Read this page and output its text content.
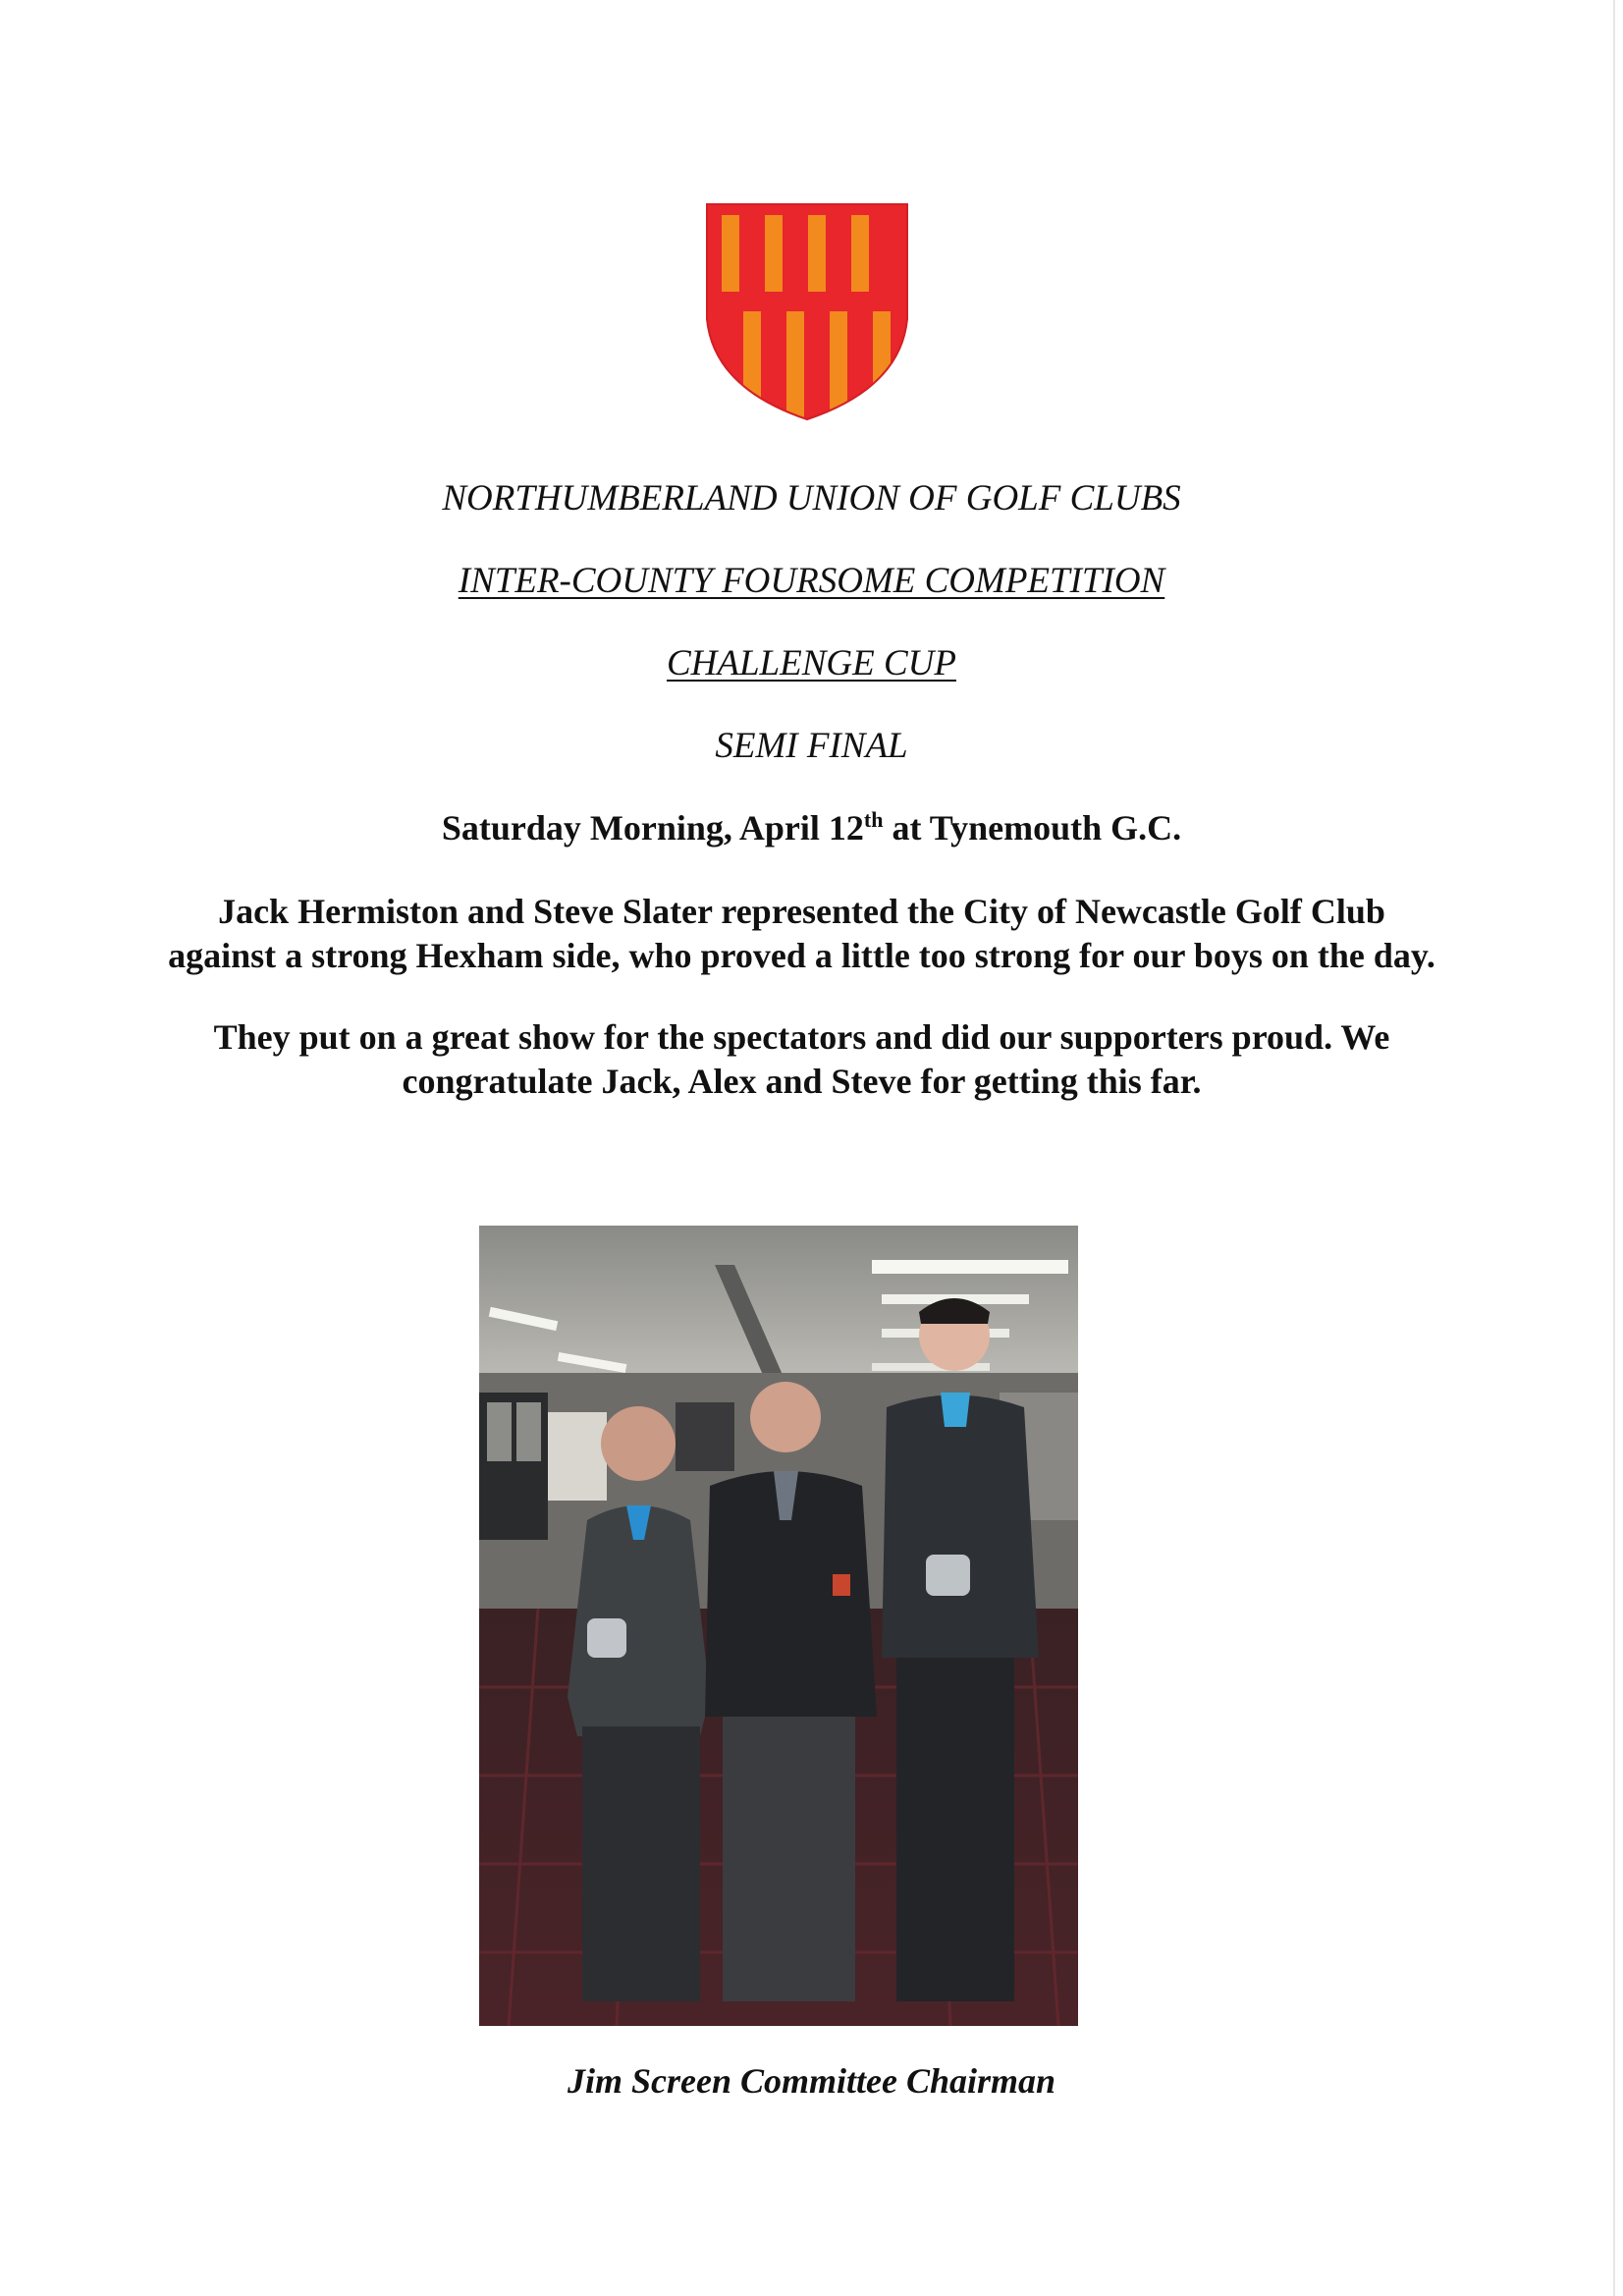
NORTHUMBERLAND UNION OF GOLF CLUBS
INTER-COUNTY FOURSOME COMPETITION
CHALLENGE CUP
SEMI FINAL
Saturday Morning, April 12th at Tynemouth G.C.
Jack Hermiston and Steve Slater represented the City of Newcastle Golf Club
against a strong Hexham side, who proved a little too strong for our boys on the day.
They put on a great show for the spectators and did our supporters proud. We
congratulate Jack, Alex and Steve for getting this far.
Jim Screen Committee Chairman
